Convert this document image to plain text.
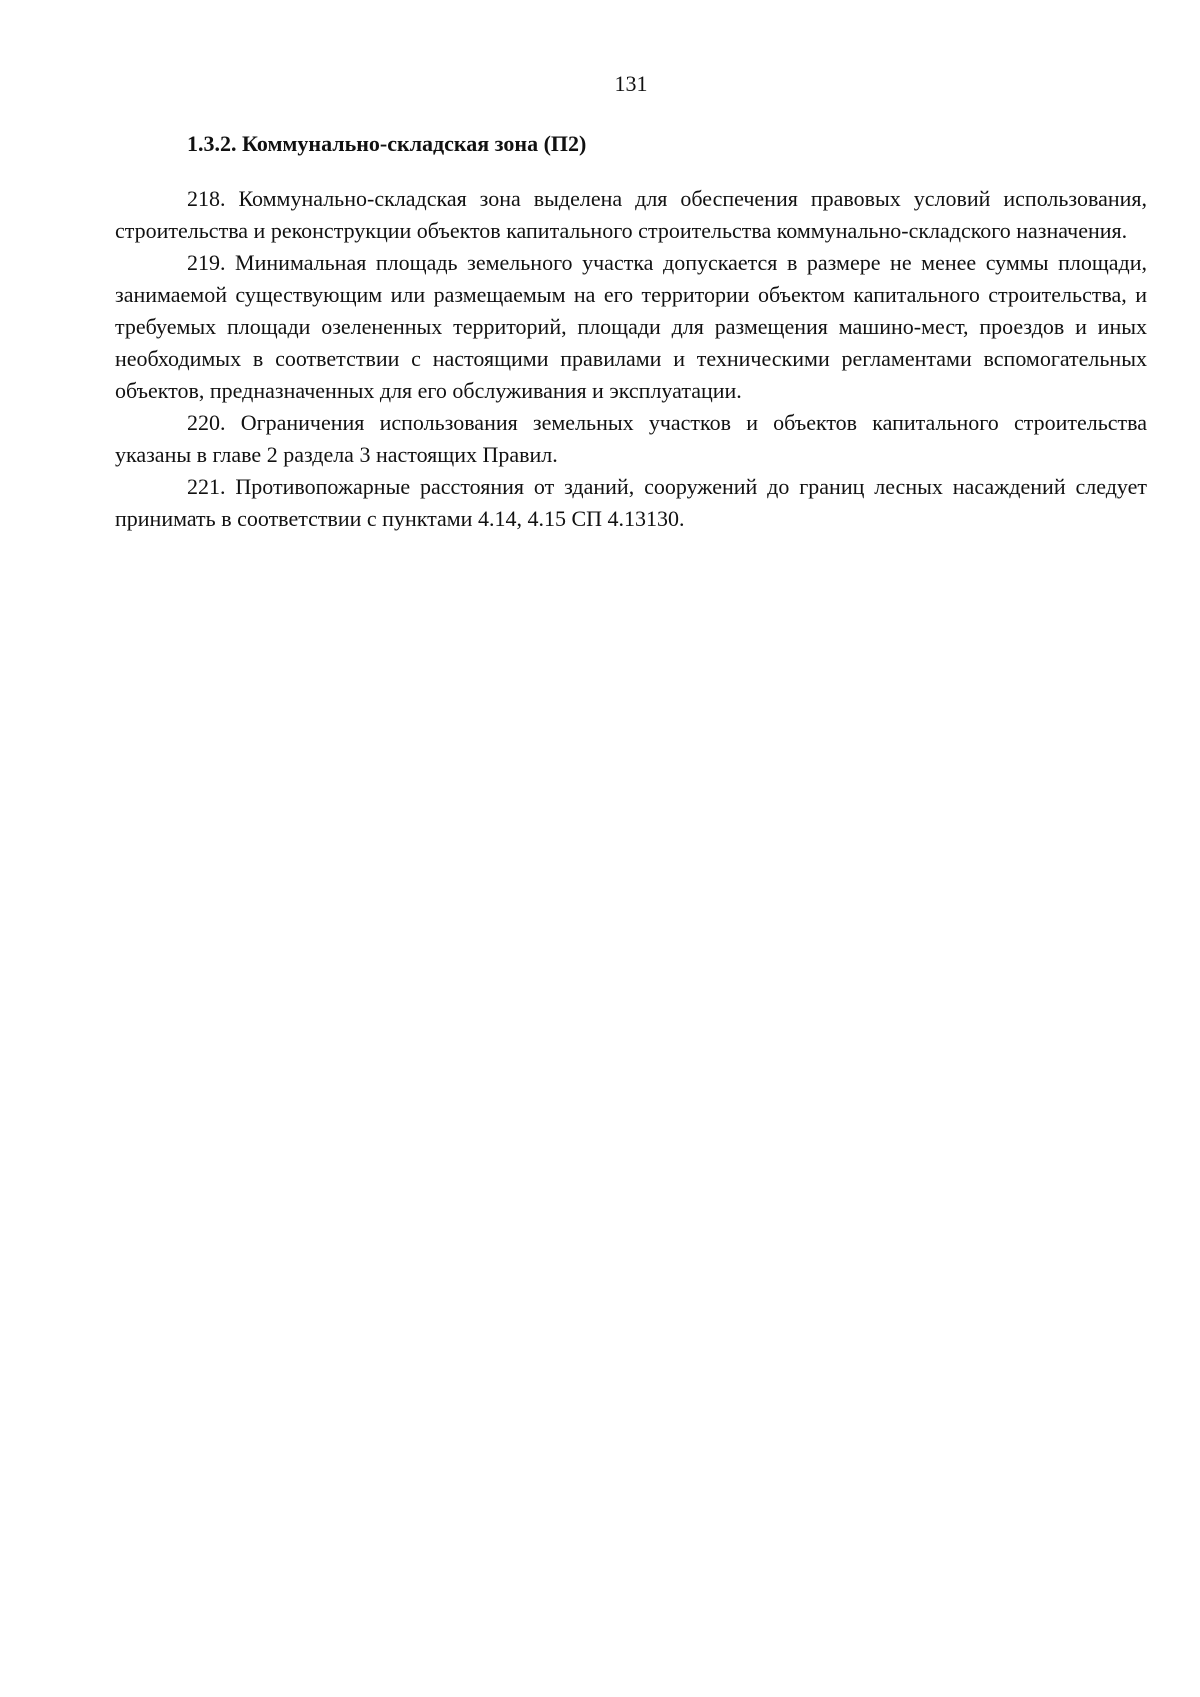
131
1.3.2. Коммунально-складская зона (П2)

218. Коммунально-складская зона выделена для обеспечения правовых условий использования, строительства и реконструкции объектов капитального строительства коммунально-складского назначения.

219. Минимальная площадь земельного участка допускается в размере не менее суммы площади, занимаемой существующим или размещаемым на его территории объектом капитального строительства, и требуемых площади озелененных территорий, площади для размещения машино-мест, проездов и иных необходимых в соответствии с настоящими правилами и техническими регламентами вспомогательных объектов, предназначенных для его обслуживания и эксплуатации.

220. Ограничения использования земельных участков и объектов капитального строительства указаны в главе 2 раздела 3 настоящих Правил.

221. Противопожарные расстояния от зданий, сооружений до границ лесных насаждений следует принимать в соответствии с пунктами 4.14, 4.15 СП 4.13130.
